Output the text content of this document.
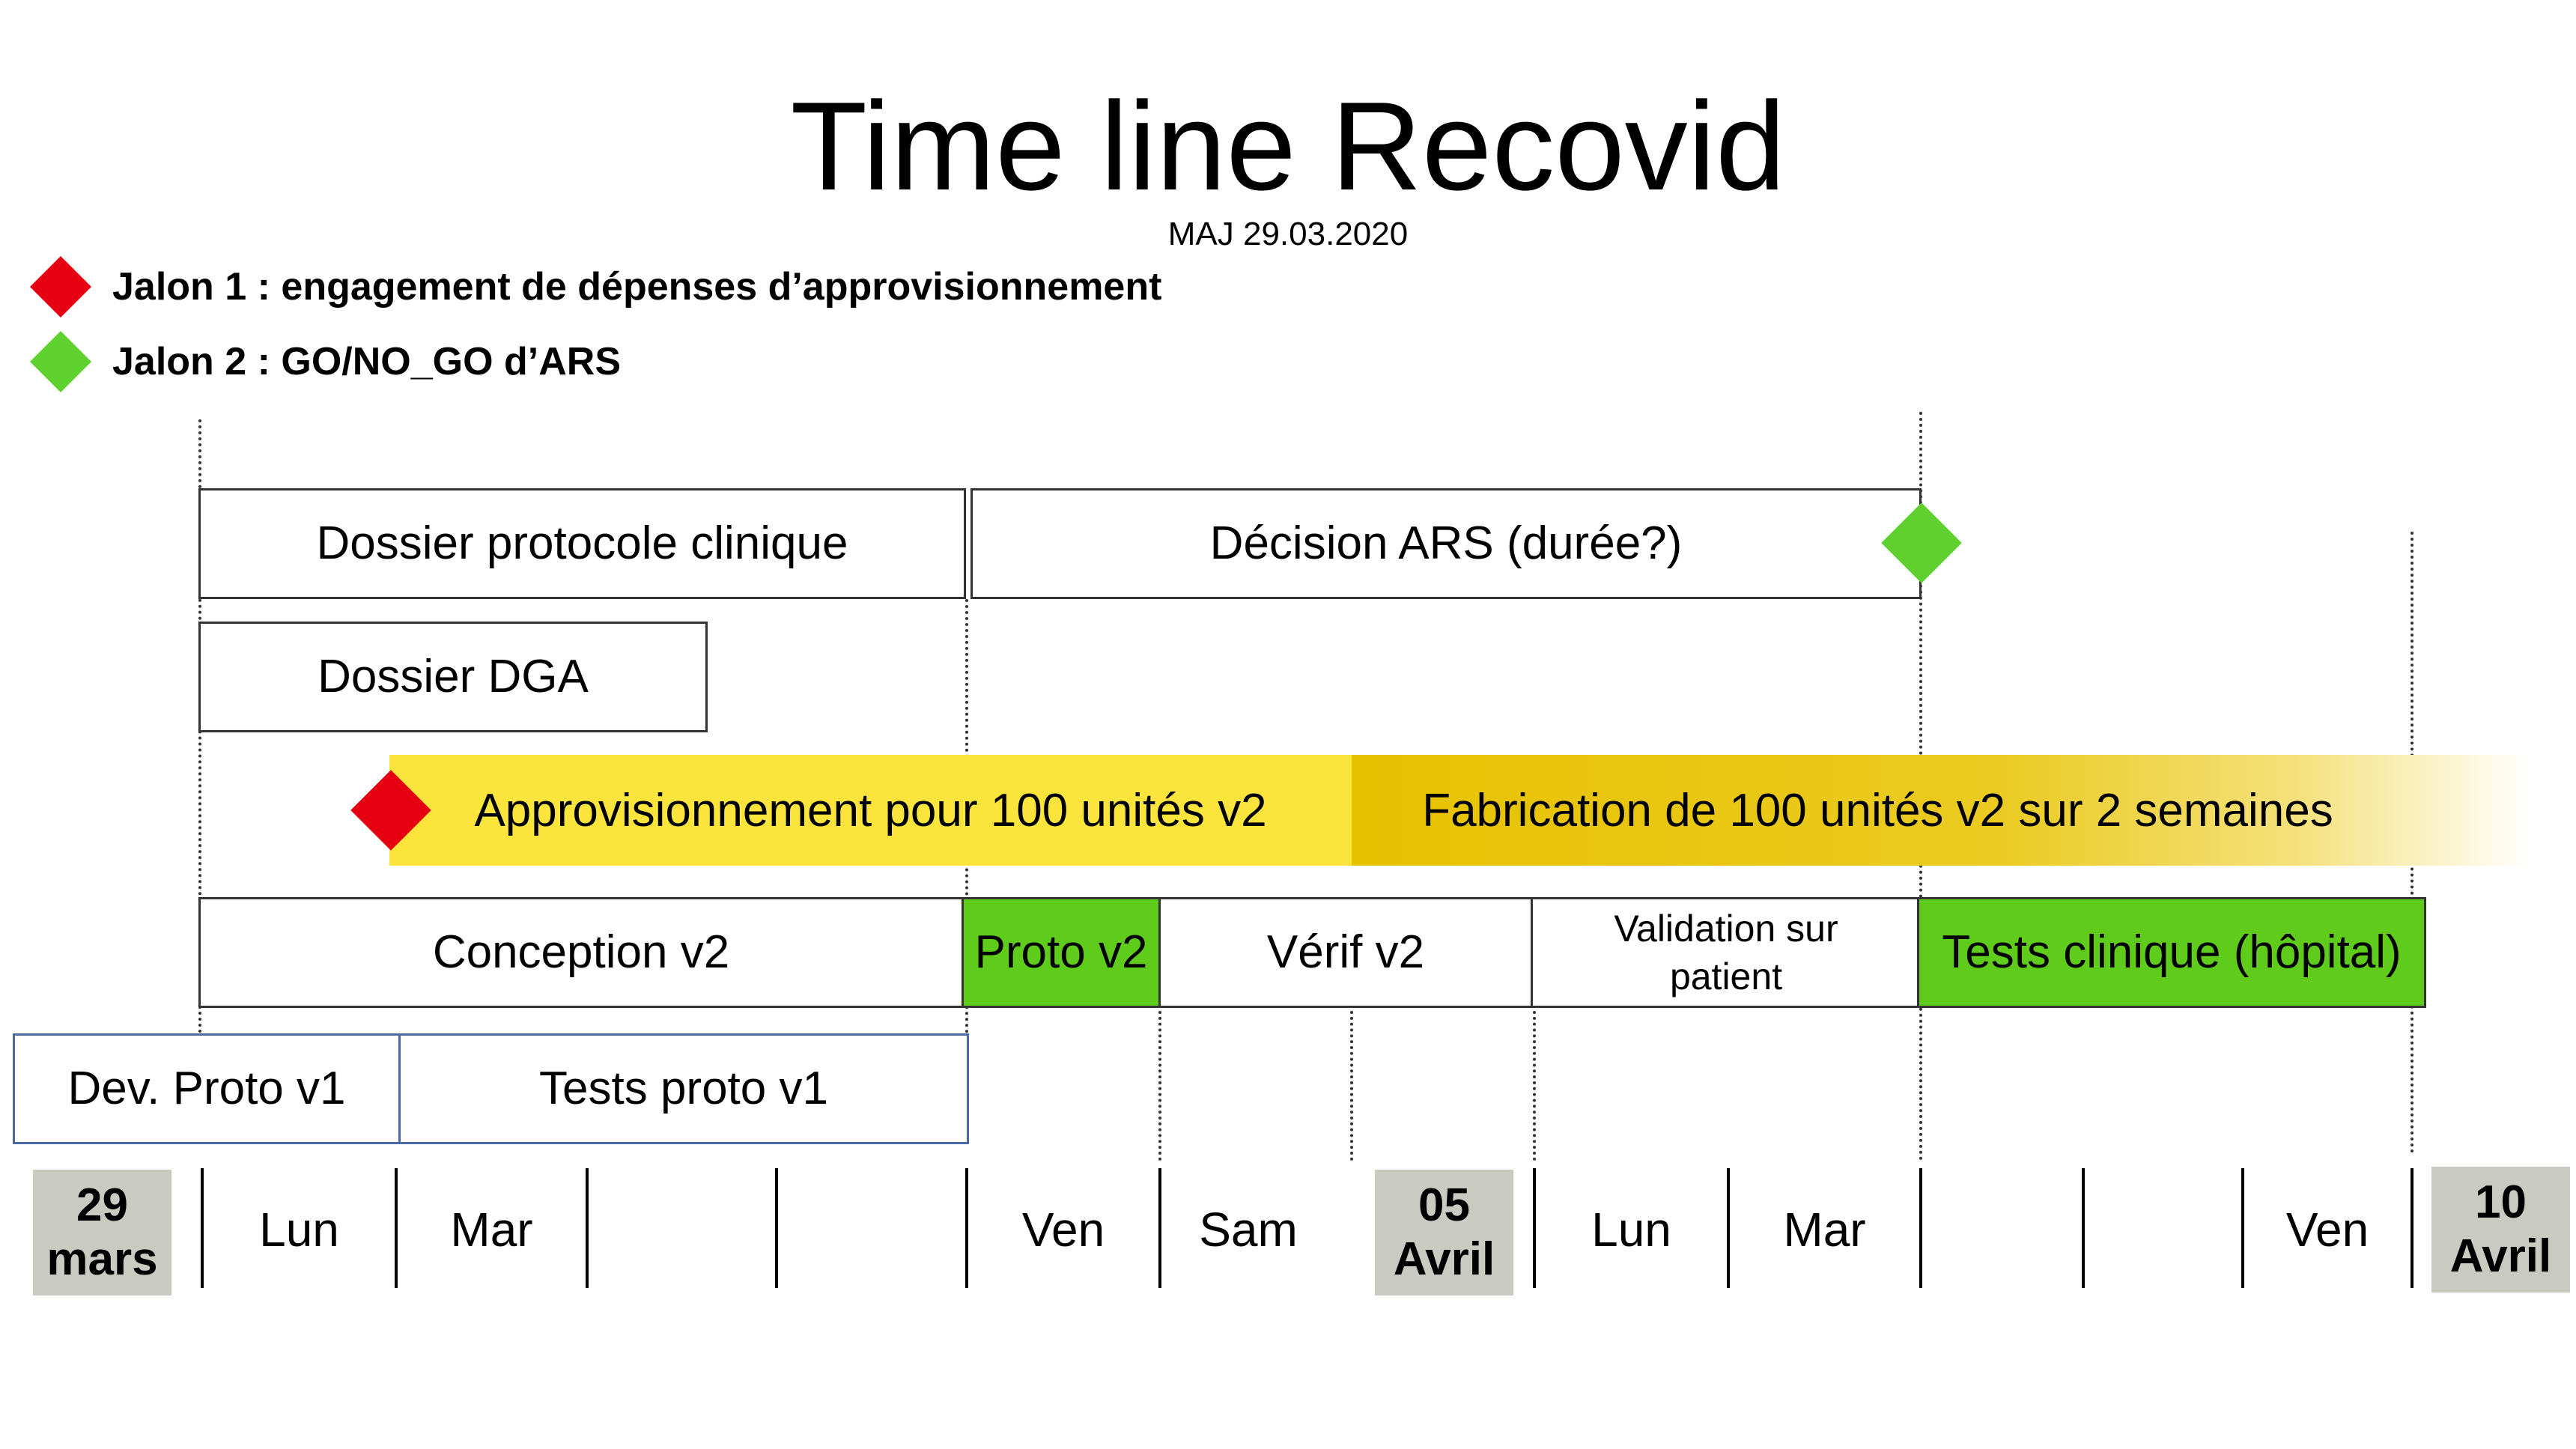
Time line Recovid
MAJ 29.03.2020
Jalon 1 : engagement de dépenses d’approvisionnement
Jalon 2 : GO/NO_GO d’ARS
Dossier protocole clinique	Décision ARS (durée?)
Dossier DGA
Approvisionnement pour 100 unités v2	Fabrication de 100 unités v2 sur 2 semaines
Conception v2	Proto v2	Vérif v2	Validation sur
patient	Tests clinique (hôpital)
Dev. Proto v1	Tests proto v1
29
mars
Lun	Mar	Ven	Sam	05
Avril
Lun	Mar	Ven
10
Avril
